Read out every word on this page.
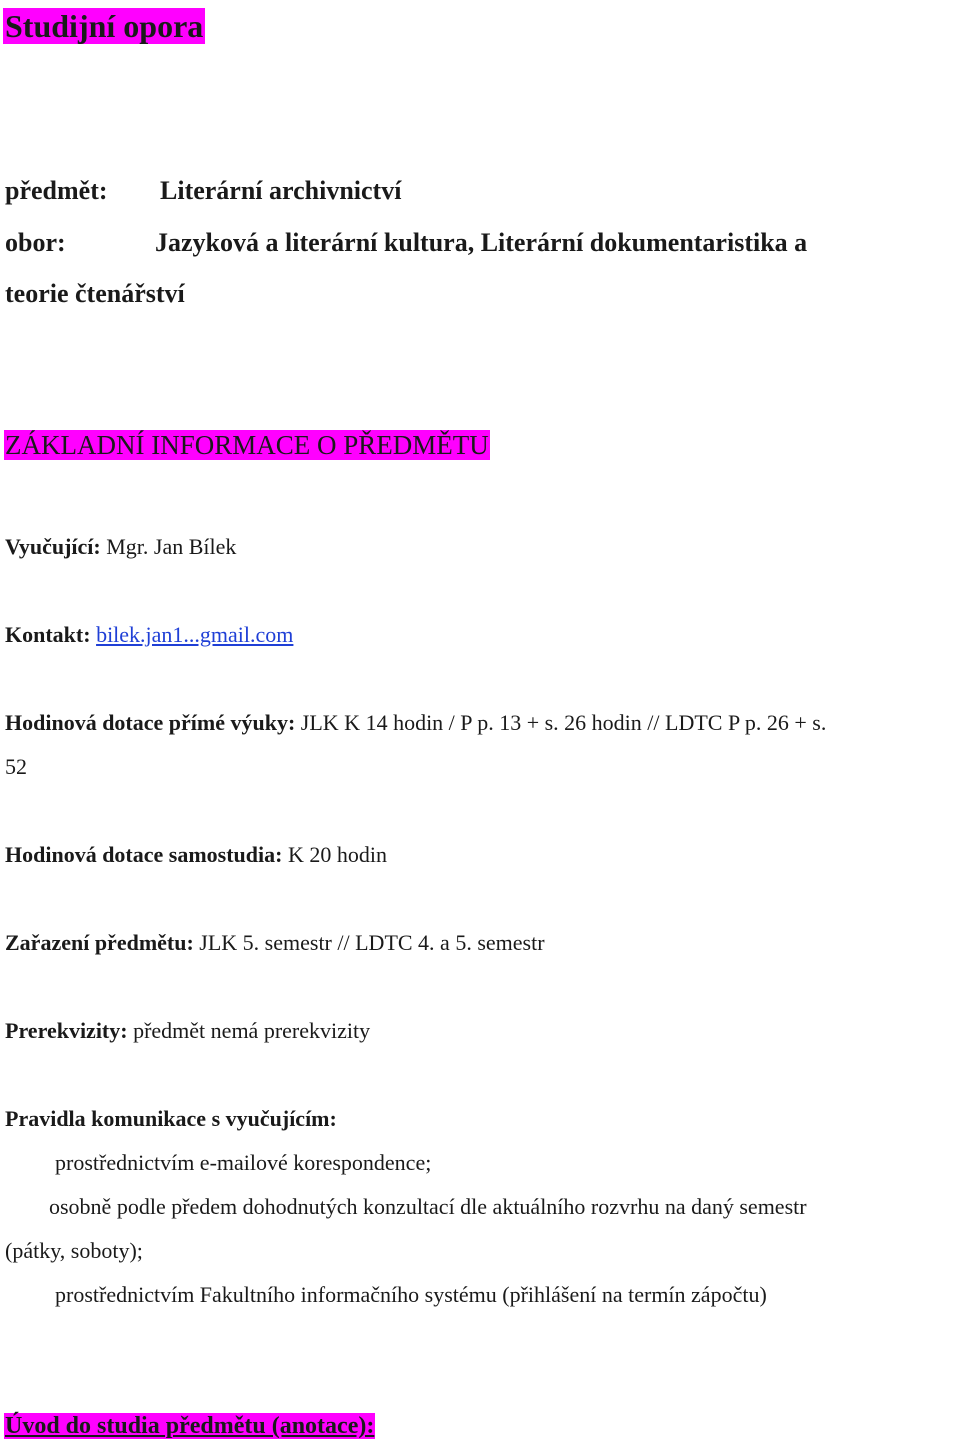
Studijní opora
předmět: Literární archivnictví
obor:	Jazyková a literární kultura, Literární dokumentaristika a
teorie čtenářství
ZÁKLADNÍ INFORMACE O PŘEDMĚTU
Vyučující: Mgr. Jan Bílek
Kontakt: bilek.jan1...gmail.com
Hodinová dotace přímé výuky: JLK K 14 hodin / P p. 13 + s. 26 hodin // LDTC P p. 26 + s.
52
Hodinová dotace samostudia: K 20 hodin
Zařazení předmětu: JLK 5. semestr // LDTC 4. a 5. semestr
Prerekvizity: předmět nemá prerekvizity
Pravidla komunikace s vyučujícím:
prostřednictvím e-mailové korespondence;
osobně podle předem dohodnutých konzultací dle aktuálního rozvrhu na daný semestr
(pátky, soboty);
prostřednictvím Fakultního informačního systému (přihlášení na termín zápočtu)
Úvod do studia předmětu (anotace):
